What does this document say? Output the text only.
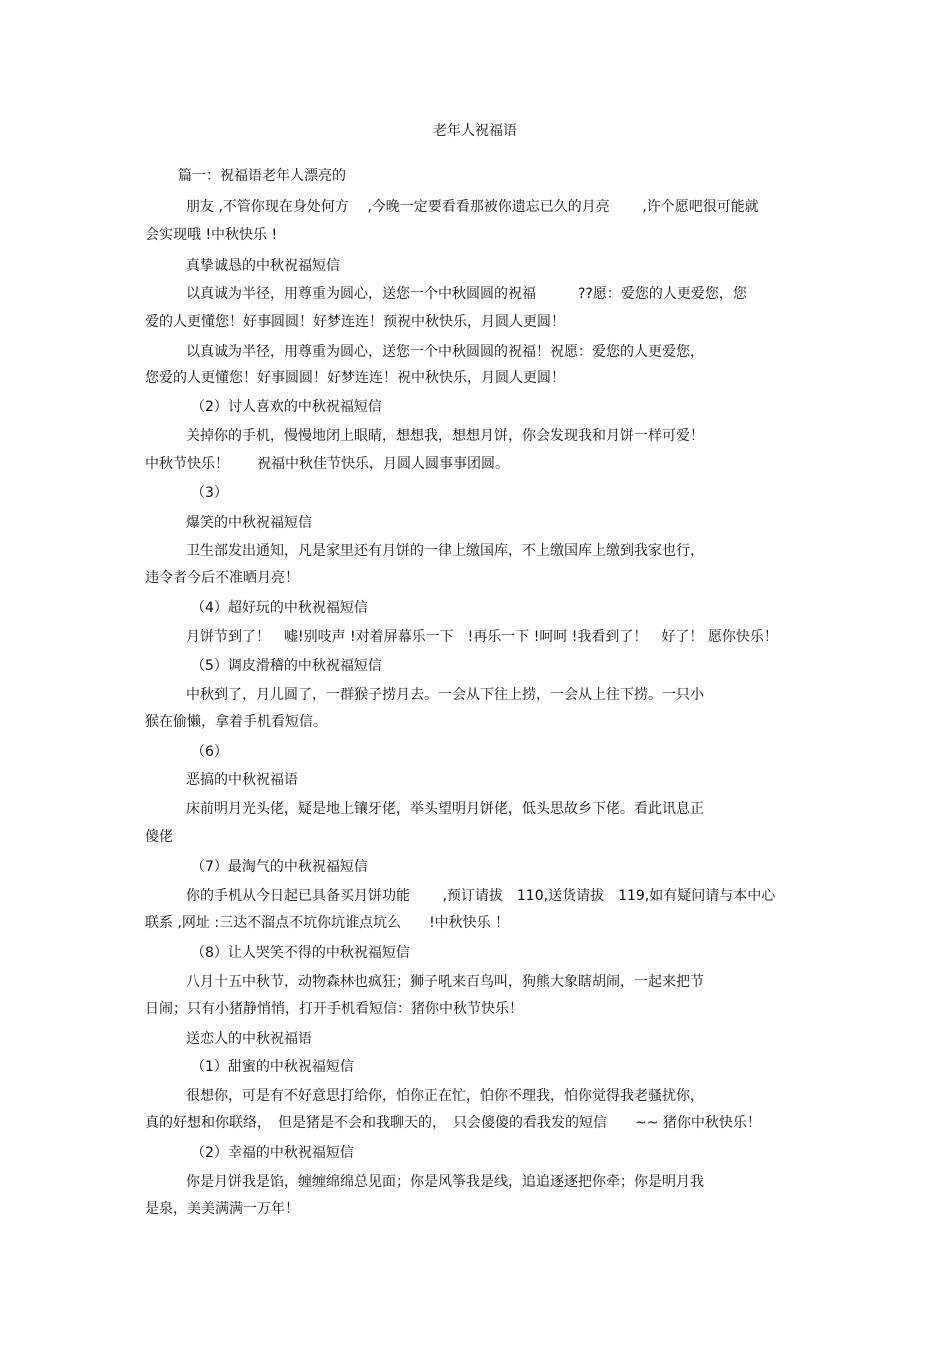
老年人祝福语
篇一：祝福语老年人漂亮的
朋友 ,不管你现在身处何方　 ,今晚一定要看看那被你遗忘已久的月亮　　 ,许个愿吧很可能就
会实现哦 !中秋快乐 !
真挚诚恳的中秋祝福短信
以真诚为半径，用尊重为圆心，送您一个中秋圆圆的祝福　　　??愿：爱您的人更爱您，您
爱的人更懂您！好事圆圆！好梦连连！预祝中秋快乐，月圆人更圆！
以真诚为半径，用尊重为圆心，送您一个中秋圆圆的祝福！祝愿：爱您的人更爱您，
您爱的人更懂您！好事圆圆！好梦连连！祝中秋快乐，月圆人更圆！
（2）讨人喜欢的中秋祝福短信
关掉你的手机，慢慢地闭上眼睛，想想我，想想月饼，你会发现我和月饼一样可爱！
中秋节快乐！　　祝福中秋佳节快乐，月圆人圆事事团圆。
（3）
爆笑的中秋祝福短信
卫生部发出通知，凡是家里还有月饼的一律上缴国库，不上缴国库上缴到我家也行，
违令者今后不准晒月亮！
（4）超好玩的中秋祝福短信
月饼节到了！　嘘!别吱声 !对着屏幕乐一下　!再乐一下 !呵呵 !我看到了！　好了！ 愿你快乐！
（5）调皮滑稽的中秋祝福短信
中秋到了，月儿圆了，一群猴子捞月去。一会从下往上捞，一会从上往下捞。一只小
猴在偷懒，拿着手机看短信。
（6）
恶搞的中秋祝福语
床前明月光头佬，疑是地上镶牙佬，举头望明月饼佬，低头思故乡下佬。看此讯息正
傻佬
（7）最淘气的中秋祝福短信
你的手机从今日起已具备买月饼功能　　 ,预订请拔　110,送货请拔　119,如有疑问请与本中心
联系 ,网址 :三达不溜点不坑你坑谁点坑么　　!中秋快乐 ！
（8）让人哭笑不得的中秋祝福短信
八月十五中秋节，动物森林也疯狂；狮子吼来百鸟叫，狗熊大象瞎胡闹，一起来把节
日闹；只有小猪静悄悄，打开手机看短信：猪你中秋节快乐！
送恋人的中秋祝福语
（1）甜蜜的中秋祝福短信
很想你，可是有不好意思打给你，怕你正在忙，怕你不理我，怕你觉得我老骚扰你，
真的好想和你联络，　但是猪是不会和我聊天的，　只会傻傻的看我发的短信　　~~ 猪你中秋快乐！
（2）幸福的中秋祝福短信
你是月饼我是馅，缠缠绵绵总见面；你是风筝我是线，追追逐逐把你牵；你是明月我
是泉，美美满满一万年！
